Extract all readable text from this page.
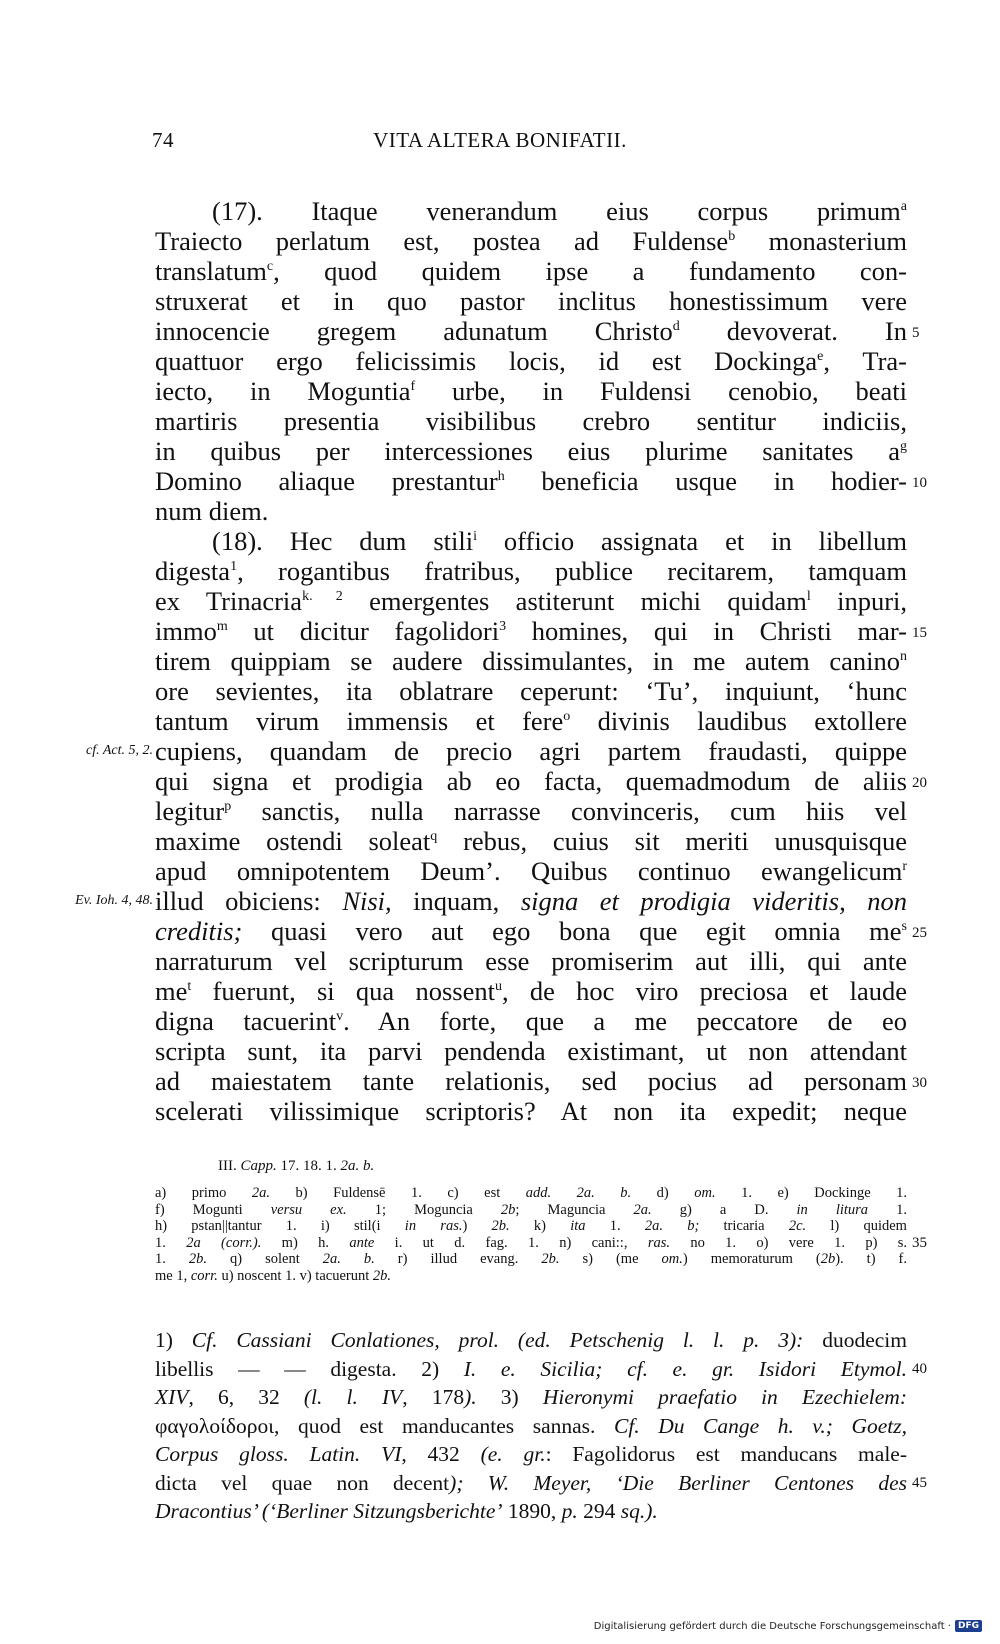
74	VITA ALTERA BONIFATII.
(17). Itaque venerandum eius corpus primum$^a$
Traiecto perlatum est, postea ad Fuldense$^b$ monasterium
translatum$^c$, quod quidem ipse a fundamento con-
struxerat et in quo pastor inclitus honestissimum vere
innocencie gregem adunatum Christo$^d$ devoverat. In
quattuor ergo felicissimis locis, id est Dockinga$^e$, Tra-
iecto, in Moguntia$^f$ urbe, in Fuldensi cenobio, beati
martiris presentia visibilibus crebro sentitur indiciis,
in quibus per intercessiones eius plurime sanitates $a^g$
Domino aliaque prestantur$^h$ beneficia usque in hodier-
num diem.
(18). Hec dum stili$^i$ officio assignata et in libellum
digesta$^1$, rogantibus fratribus, publice recitarem, tamquam
ex Trinacria$^{k. 2}$ emergentes astiterunt michi quidam$^l$ inpuri,
immo$^m$ ut dicitur fagolidori$^3$ homines, qui in Christi mar-
tirem quippiam se audere dissimulantes, in me autem canino$^n$
ore sevientes, ita oblatrare ceperunt: ‘Tu’, inquiunt, ‘hunc
tantum virum immensis et fere$^o$ divinis laudibus extollere
cupiens, quandam de precio agri partem fraudasti, quippe
qui signa et prodigia ab eo facta, quemadmodum de aliis
legitur$^p$ sanctis, nulla narrasse convinceris, cum hiis vel
maxime ostendi soleat$^q$ rebus, cuius sit meriti unusquisque
apud omnipotentem Deum’. Quibus continuo ewangelicum$^r$
illud obiciens: Nisi, inquam, signa et prodigia videritis, non
creditis; quasi vero aut ego bona que egit omnia $me^s$
narraturum vel scripturum esse promiserim aut illi, qui ante
$me^t$ fuerunt, si qua nossent$^u$, de hoc viro preciosa et laude
digna tacuerint$^v$. An forte, que a me peccatore de eo
scripta sunt, ita parvi pendenda existimant, ut non attendant
ad maiestatem tante relationis, sed pocius ad personam
scelerati vilissimique scriptoris? At non ita expedit; neque
5
10
15
20
25
30
35
40
45
cf. Act. 5, 2.
Ev. Ioh. 4, 48.
III. Capp. 17. 18. 1. 2a. b.
a) primo 2a. b) Fuldensē 1. c) est add. 2a. b. d) om. 1. e) Dockinge 1.
f) Mogunti versu ex. 1; Moguncia 2b; Maguncia 2a. g) a D. in litura 1.
h) pstan||tantur 1. i) stil(i in ras.) 2b. k) ita 1. 2a. b; tricaria 2c. l) quidem
1. 2a (corr.). m) h. ante i. ut d. fag. 1. n) cani::, ras. no 1. o) vere 1. p) s.
1. 2b. q) solent 2a. b. r) illud evang. 2b. s) (me om.) memoraturum (2b). t) f.
me 1, corr. u) noscent 1. v) tacuerunt 2b.
1) Cf. Cassiani Conlationes, prol. (ed. Petschenig l. l. p. 3): duodecim
libellis — — digesta. 2) I. e. Sicilia; cf. e. gr. Isidori Etymol.
XIV, 6, 32 (l. l. IV, 178). 3) Hieronymi praefatio in Ezechielem:
φαγολοίδοροι, quod est manducantes sannas. Cf. Du Cange h. v.; Goetz,
Corpus gloss. Latin. VI, 432 (e. gr.: Fagolidorus est manducans male-
dicta vel quae non decent); W. Meyer, ‘Die Berliner Centones des
Dracontius’ (‘Berliner Sitzungsberichte’ 1890, p. 294 sq.).
Digitalisierung gefördert durch die Deutsche Forschungsgemeinschaft · DFG
